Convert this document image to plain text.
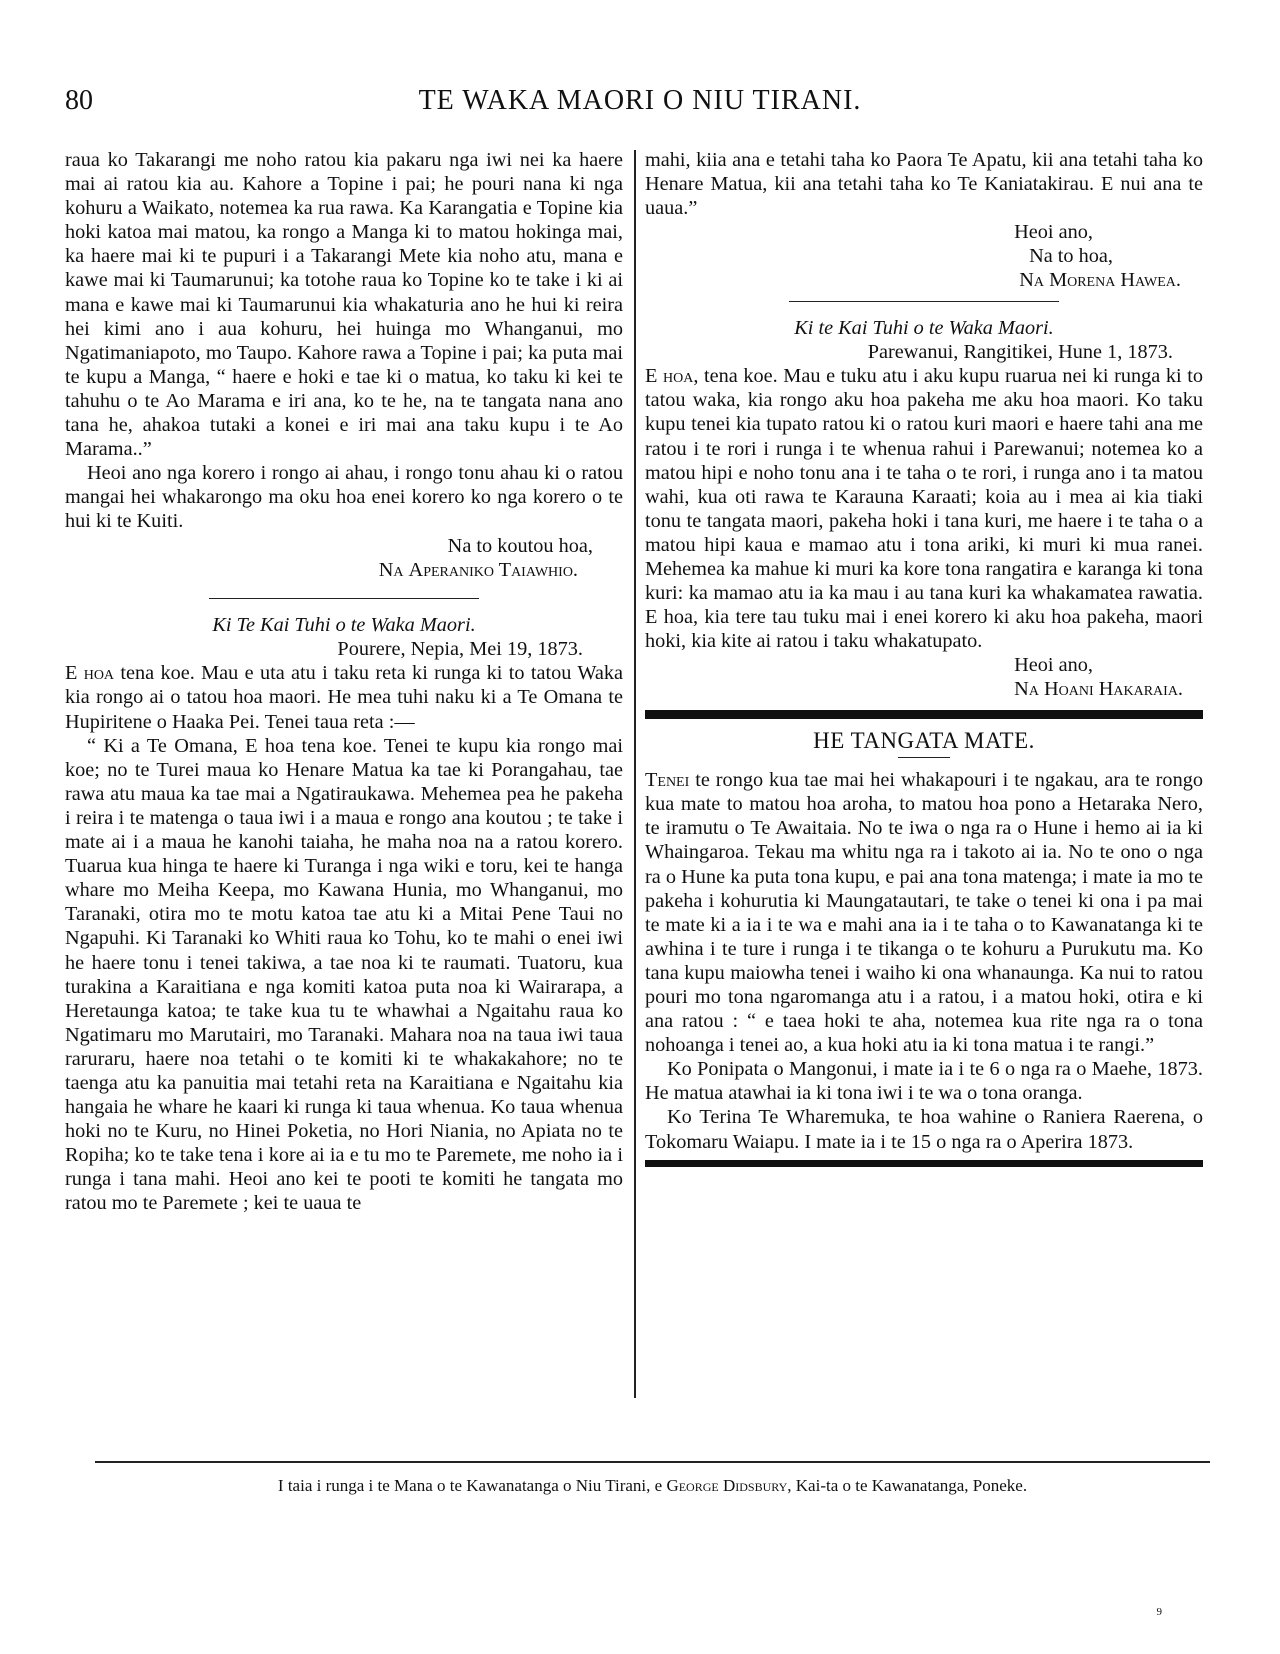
80	TE WAKA MAORI O NIU TIRANI.

raua ko Takarangi me noho ratou kia pakaru nga iwi nei ka haere mai ai ratou kia au. Kahore a Topine i pai; he pouri nana ki nga kohuru a Waikato, notemea ka rua rawa. Ka Karangatia e Topine kia hoki katoa mai matou, ka rongo a Manga ki to matou hokinga mai, ka haere mai ki te pupuri i a Takarangi Mete kia noho atu, mana e kawe mai ki Taumarunui; ka totohe raua ko Topine ko te take i ki ai mana e kawe mai ki Taumarunui kia whakaturia ano he hui ki reira hei kimi ano i aua kohuru, hei huinga mo Whanganui, mo Ngatimaniapoto, mo Taupo. Kahore rawa a Topine i pai; ka puta mai te kupu a Manga, “ haere e hoki e tae ki o matua, ko taku ki kei te tahuhu o te Ao Marama e iri ana, ko te he, na te tangata nana ano tana he, ahakoa tutaki a konei e iri mai ana taku kupu i te Ao Marama..”

Heoi ano nga korero i rongo ai ahau, i rongo tonu ahau ki o ratou mangai hei whakarongo ma oku hoa enei korero ko nga korero o te hui ki te Kuiti.

Na to koutou hoa,

Na Aperaniko Taiawhio.

Ki Te Kai Tuhi o te Waka Maori.

Pourere, Nepia, Mei 19, 1873.

E hoa tena koe. Mau e uta atu i taku reta ki runga ki to tatou Waka kia rongo ai o tatou hoa maori. He mea tuhi naku ki a Te Omana te Hupiritene o Haaka Pei. Tenei taua reta :—

“ Ki a Te Omana, E hoa tena koe. Tenei te kupu kia rongo mai koe; no te Turei maua ko Henare Matua ka tae ki Porangahau, tae rawa atu maua ka tae mai a Ngatiraukawa. Mehemea pea he pakeha i reira i te matenga o taua iwi i a maua e rongo ana koutou ; te take i mate ai i a maua he kanohi taiaha, he maha noa na a ratou korero. Tuarua kua hinga te haere ki Turanga i nga wiki e toru, kei te hanga whare mo Meiha Keepa, mo Kawana Hunia, mo Whanganui, mo Taranaki, otira mo te motu katoa tae atu ki a Mitai Pene Taui no Ngapuhi. Ki Taranaki ko Whiti raua ko Tohu, ko te mahi o enei iwi he haere tonu i tenei takiwa, a tae noa ki te raumati. Tuatoru, kua turakina a Karaitiana e nga komiti katoa puta noa ki Wairarapa, a Heretaunga katoa; te take kua tu te whawhai a Ngaitahu raua ko Ngatimaru mo Marutairi, mo Taranaki. Mahara noa na taua iwi taua raruraru, haere noa tetahi o te komiti ki te whakakahore; no te taenga atu ka panuitia mai tetahi reta na Karaitiana e Ngaitahu kia hangaia he whare he kaari ki runga ki taua whenua. Ko taua whenua hoki no te Kuru, no Hinei Poketia, no Hori Niania, no Apiata no te Ropiha; ko te take tena i kore ai ia e tu mo te Paremete, me noho ia i runga i tana mahi. Heoi ano kei te pooti te komiti he tangata mo ratou mo te Paremete ; kei te uaua te

mahi, kiia ana e tetahi taha ko Paora Te Apatu, kii ana tetahi taha ko Henare Matua, kii ana tetahi taha ko Te Kaniatakirau. E nui ana te uaua.”

Heoi ano,

Na to hoa,

Na Morena Hawea.

Ki te Kai Tuhi o te Waka Maori.

Parewanui, Rangitikei, Hune 1, 1873.

E hoa, tena koe. Mau e tuku atu i aku kupu ruarua nei ki runga ki to tatou waka, kia rongo aku hoa pakeha me aku hoa maori. Ko taku kupu tenei kia tupato ratou ki o ratou kuri maori e haere tahi ana me ratou i te rori i runga i te whenua rahui i Parewanui; notemea ko a matou hipi e noho tonu ana i te taha o te rori, i runga ano i ta matou wahi, kua oti rawa te Karauna Karaati; koia au i mea ai kia tiaki tonu te tangata maori, pakeha hoki i tana kuri, me haere i te taha o a matou hipi kaua e mamao atu i tona ariki, ki muri ki mua ranei. Mehemea ka mahue ki muri ka kore tona rangatira e karanga ki tona kuri: ka mamao atu ia ka mau i au tana kuri ka whakamatea rawatia. E hoa, kia tere tau tuku mai i enei korero ki aku hoa pakeha, maori hoki, kia kite ai ratou i taku whakatupato.

Heoi ano,

Na Hoani Hakaraia.

HE TANGATA MATE.

Tenei te rongo kua tae mai hei whakapouri i te ngakau, ara te rongo kua mate to matou hoa aroha, to matou hoa pono a Hetaraka Nero, te iramutu o Te Awaitaia. No te iwa o nga ra o Hune i hemo ai ia ki Whaingaroa. Tekau ma whitu nga ra i takoto ai ia. No te ono o nga ra o Hune ka puta tona kupu, e pai ana tona matenga; i mate ia mo te pakeha i kohurutia ki Maungatautari, te take o tenei ki ona i pa mai te mate ki a ia i te wa e mahi ana ia i te taha o to Kawanatanga ki te awhina i te ture i runga i te tikanga o te kohuru a Purukutu ma. Ko tana kupu maiowha tenei i waiho ki ona whanaunga. Ka nui to ratou pouri mo tona ngaromanga atu i a ratou, i a matou hoki, otira e ki ana ratou : “ e taea hoki te aha, notemea kua rite nga ra o tona nohoanga i tenei ao, a kua hoki atu ia ki tona matua i te rangi.”

Ko Ponipata o Mangonui, i mate ia i te 6 o nga ra o Maehe, 1873. He matua atawhai ia ki tona iwi i te wa o tona oranga.

Ko Terina Te Wharemuka, te hoa wahine o Raniera Raerena, o Tokomaru Waiapu. I mate ia i te 15 o nga ra o Aperira 1873.

I taia i runga i te Mana o te Kawanatanga o Niu Tirani, e George Didsbury, Kai-ta o te Kawanatanga, Poneke.
9
